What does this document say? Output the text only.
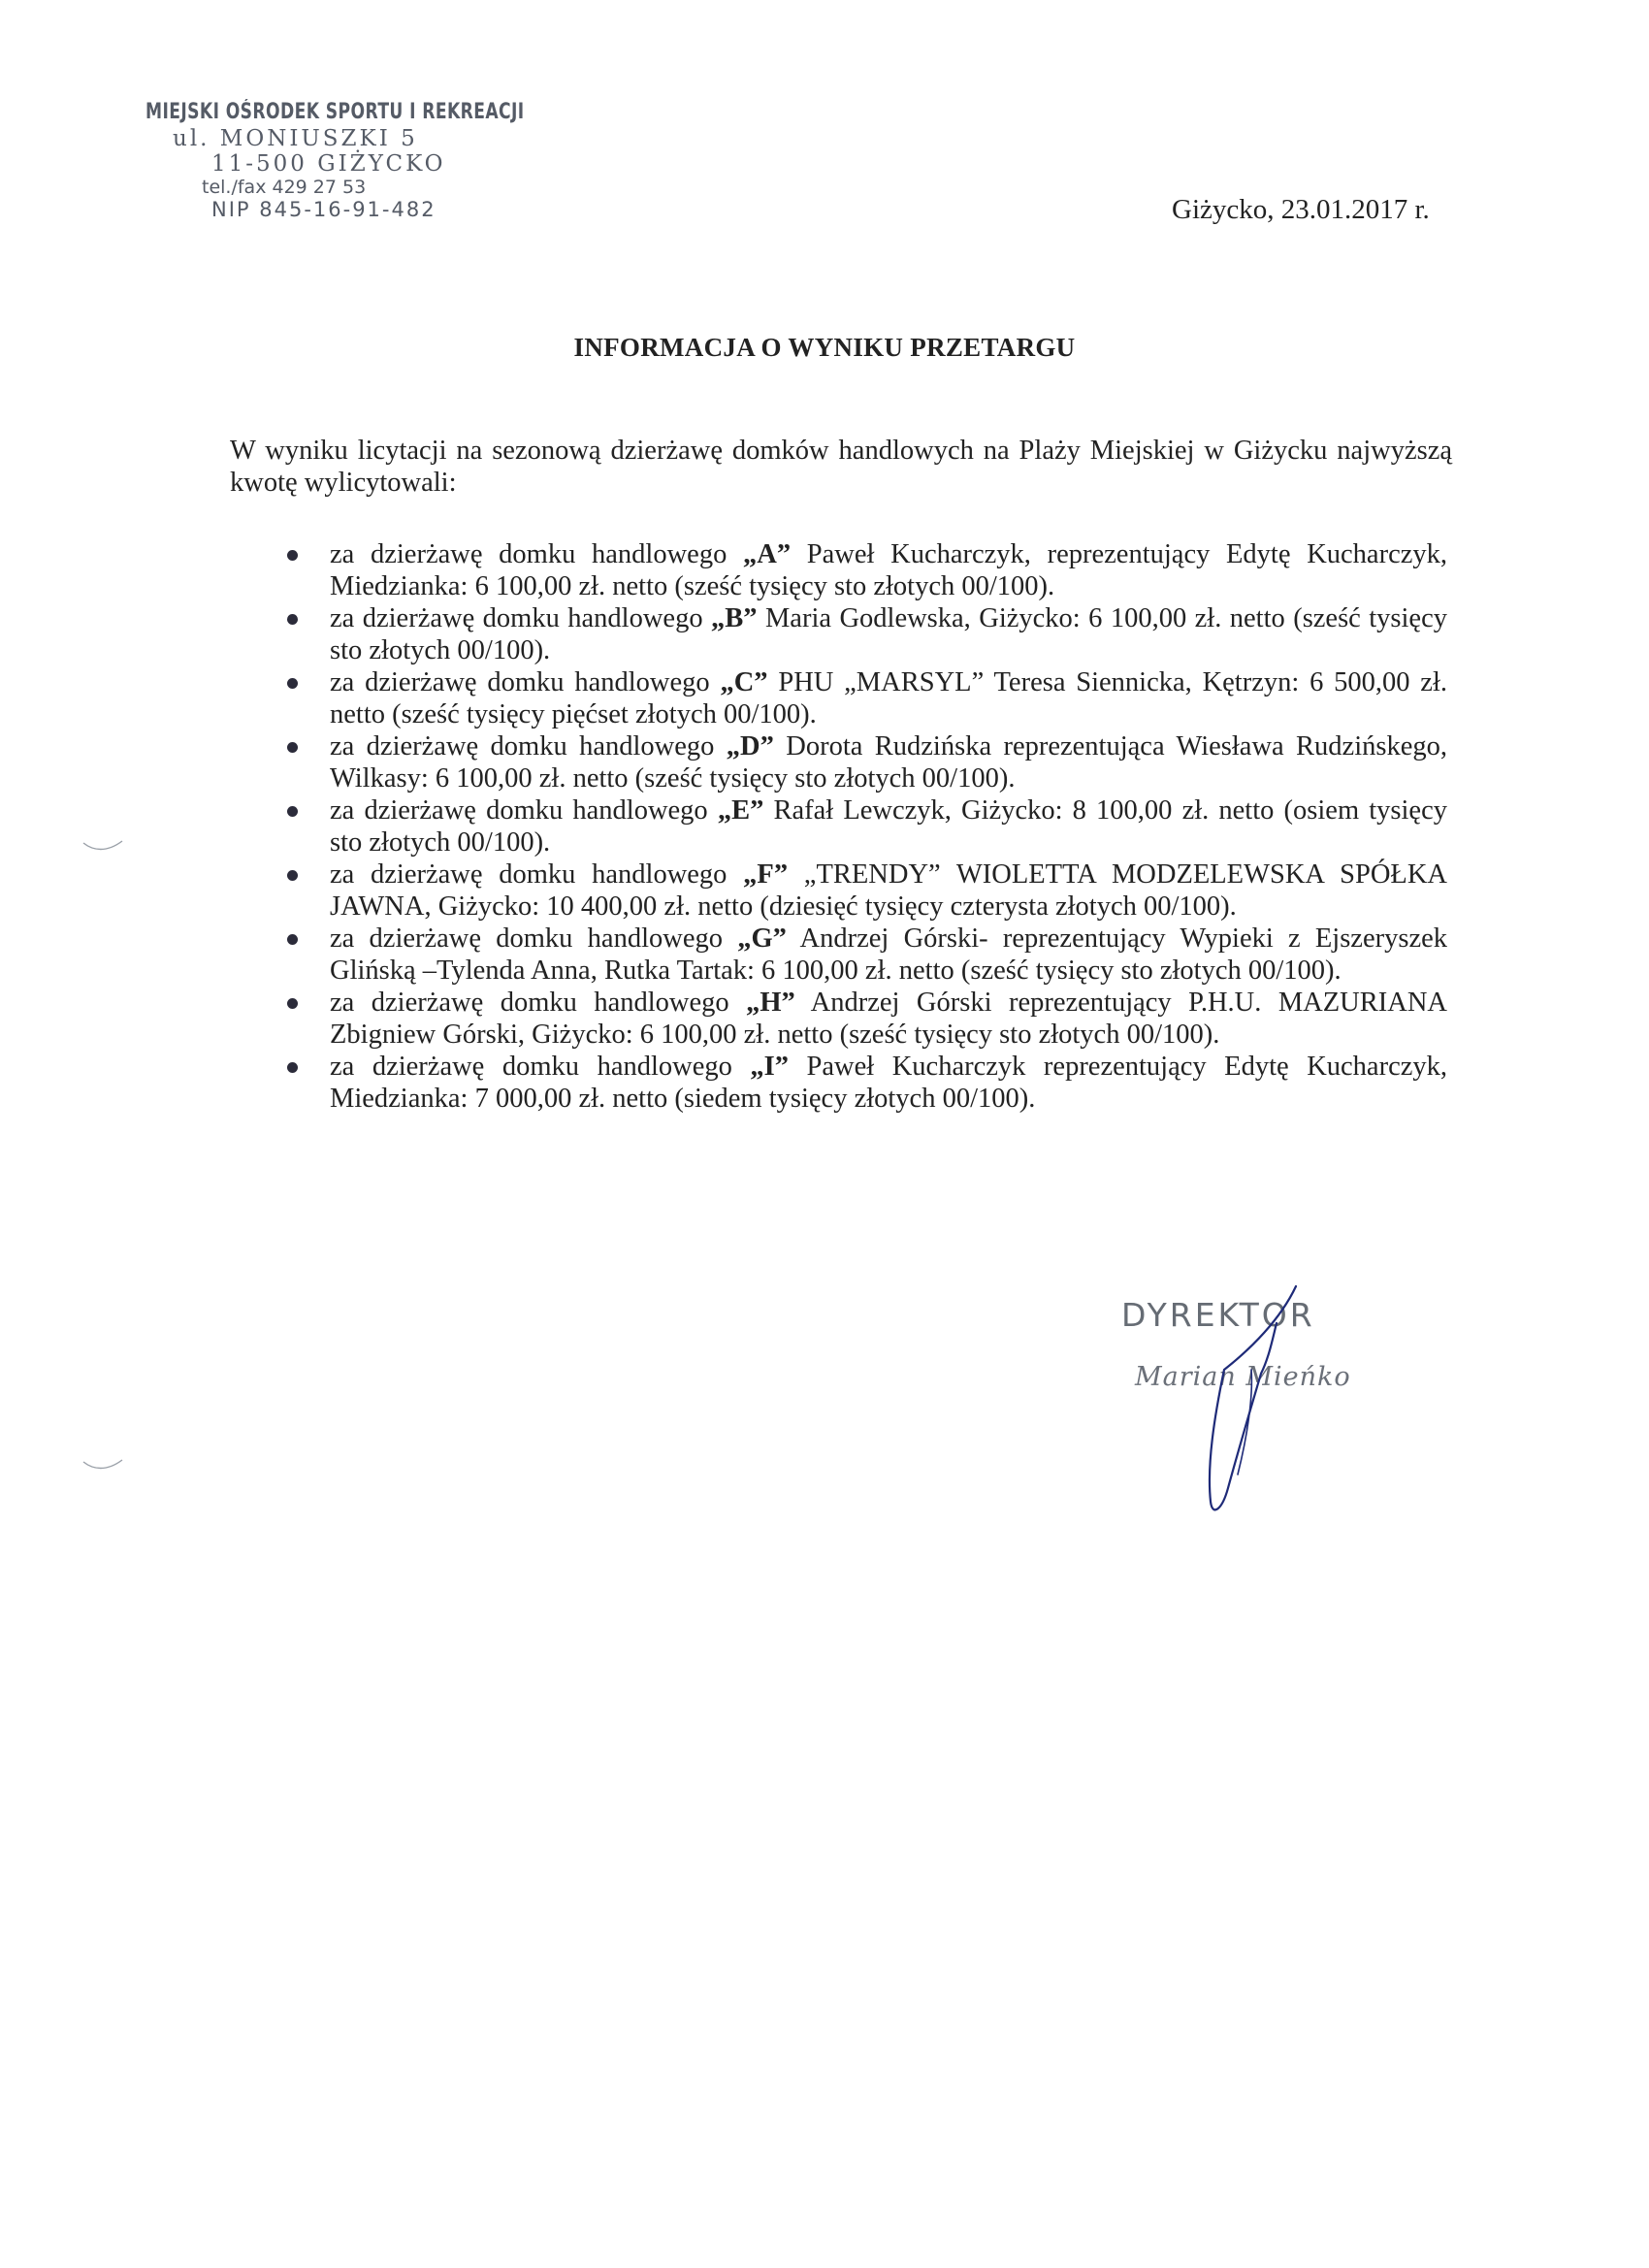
MIEJSKI OŚRODEK SPORTU I REKREACJI
ul. MONIUSZKI 5
11-500 GIŻYCKO
tel./fax 429 27 53
NIP 845-16-91-482	Giżycko, 23.01.2017 r.
INFORMACJA O WYNIKU PRZETARGU
W wyniku licytacji na sezonową dzierżawę domków handlowych na Plaży Miejskiej w Giżycku najwyższą kwotę wylicytowali:
za dzierżawę domku handlowego „A” Paweł Kucharczyk, reprezentujący Edytę Kucharczyk, Miedzianka: 6 100,00 zł. netto (sześć tysięcy sto złotych 00/100).
za dzierżawę domku handlowego „B” Maria Godlewska, Giżycko: 6 100,00 zł. netto (sześć tysięcy sto złotych 00/100).
za dzierżawę domku handlowego „C” PHU „MARSYL” Teresa Siennicka, Kętrzyn: 6 500,00 zł. netto (sześć tysięcy pięćset złotych 00/100).
za dzierżawę domku handlowego „D” Dorota Rudzińska reprezentująca Wiesława Rudzińskego, Wilkasy: 6 100,00 zł. netto (sześć tysięcy sto złotych 00/100).
za dzierżawę domku handlowego „E” Rafał Lewczyk, Giżycko: 8 100,00 zł. netto (osiem tysięcy sto złotych 00/100).
za dzierżawę domku handlowego „F” „TRENDY” WIOLETTA MODZELEWSKA SPÓŁKA JAWNA, Giżycko: 10 400,00 zł. netto (dziesięć tysięcy czterysta złotych 00/100).
za dzierżawę domku handlowego „G” Andrzej Górski- reprezentujący Wypieki z Ejszeryszek Glińską –Tylenda Anna, Rutka Tartak: 6 100,00 zł. netto (sześć tysięcy sto złotych 00/100).
za dzierżawę domku handlowego „H” Andrzej Górski reprezentujący P.H.U. MAZURIANA Zbigniew Górski, Giżycko: 6 100,00 zł. netto (sześć tysięcy sto złotych 00/100).
za dzierżawę domku handlowego „I” Paweł Kucharczyk reprezentujący Edytę Kucharczyk, Miedzianka: 7 000,00 zł. netto (siedem tysięcy złotych 00/100).
DYREKTOR
Marian Mieńko
